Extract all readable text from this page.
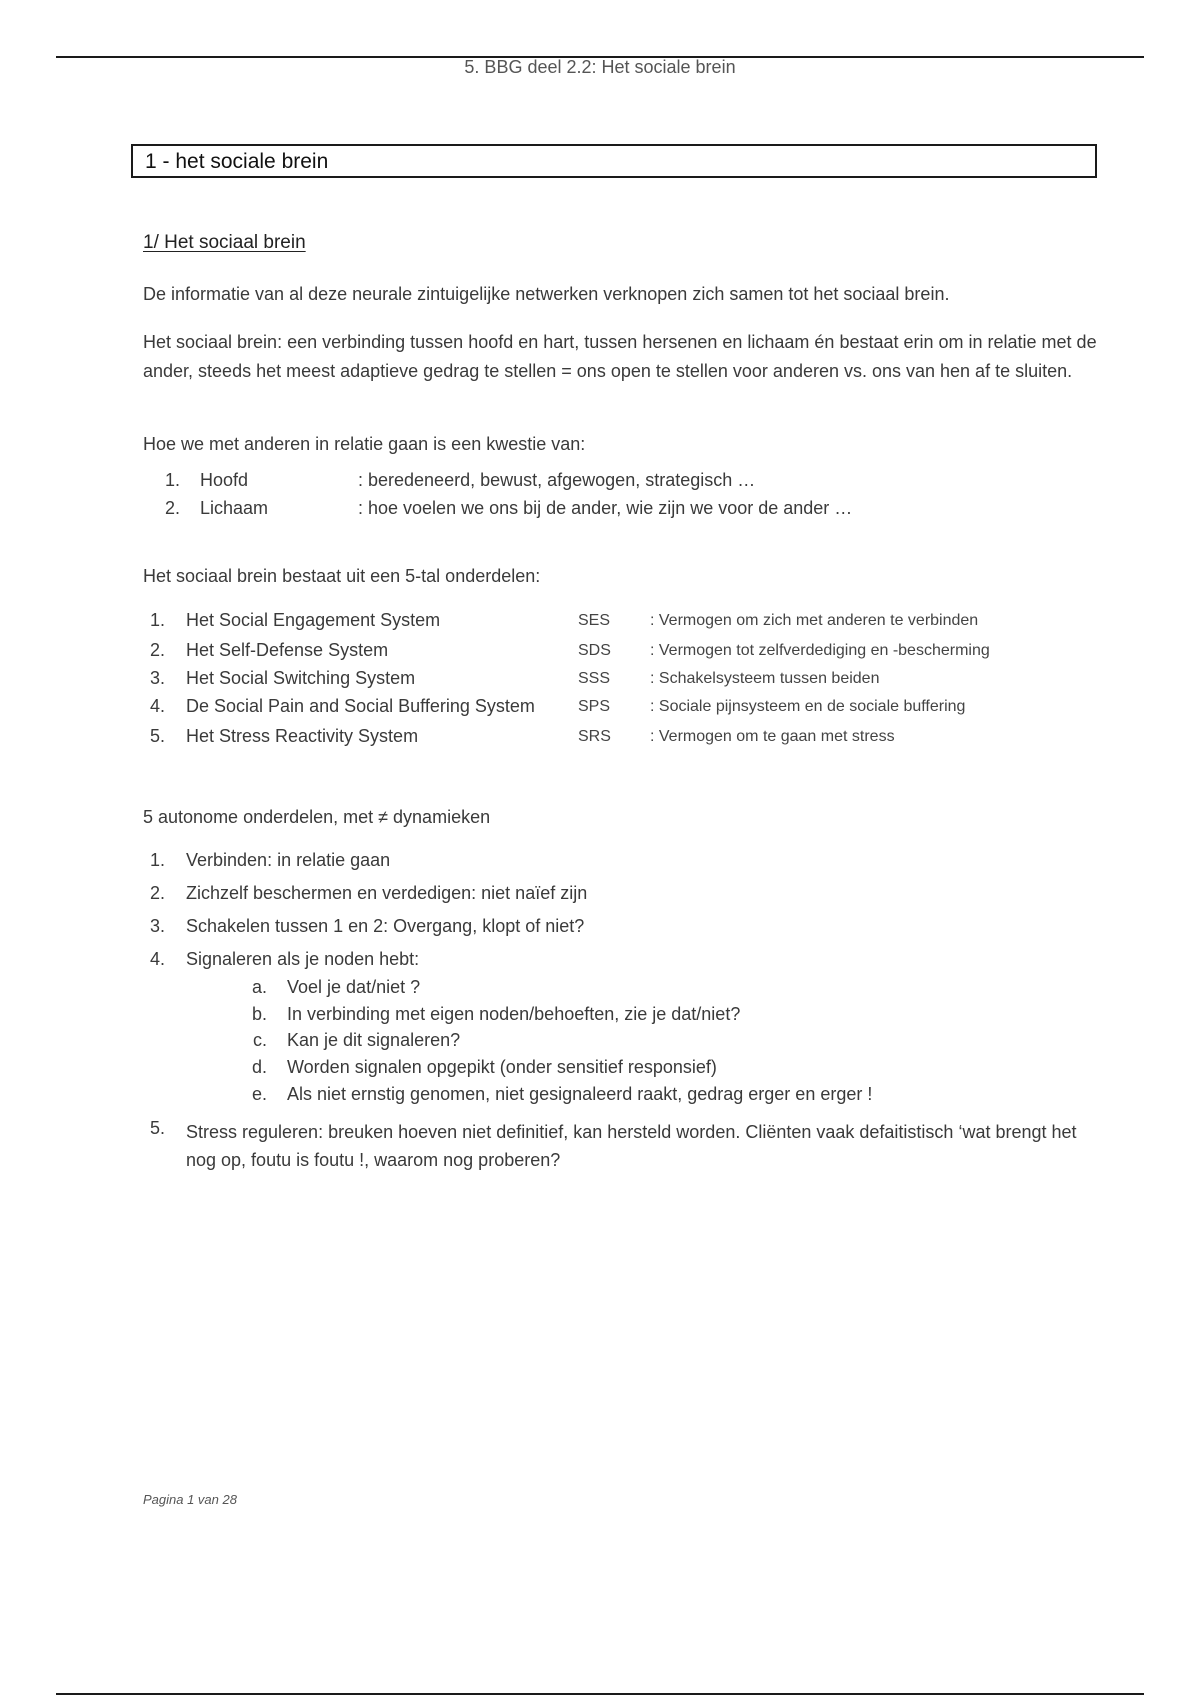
5. BBG deel 2.2: Het sociale brein
1 - het sociale brein
1/ Het sociaal brein
De informatie van al deze neurale zintuigelijke netwerken verknopen zich samen tot het sociaal brein.
Het sociaal brein: een verbinding tussen hoofd en hart, tussen hersenen en lichaam én bestaat erin om in relatie met de ander, steeds het meest adaptieve gedrag te stellen = ons open te stellen voor anderen vs. ons van hen af te sluiten.
Hoe we met anderen in relatie gaan is een kwestie van:
1. Hoofd	: beredeneerd, bewust, afgewogen, strategisch …
2. Lichaam	: hoe voelen we ons bij de ander, wie zijn we voor de ander …
Het sociaal brein bestaat uit een 5-tal onderdelen:
1. Het Social Engagement System	SES : Vermogen om zich met anderen te verbinden
2. Het Self-Defense System	SDS : Vermogen tot zelfverdediging en -bescherming
3. Het Social Switching System	SSS : Schakelsysteem tussen beiden
4. De Social Pain and Social Buffering System	SPS : Sociale pijnsysteem en de sociale buffering
5. Het Stress Reactivity System	SRS : Vermogen om te gaan met stress
5 autonome onderdelen, met ≠ dynamieken
1. Verbinden: in relatie gaan
2. Zichzelf beschermen en verdedigen: niet naïef zijn
3. Schakelen tussen 1 en 2: Overgang, klopt of niet?
4. Signaleren als je noden hebt:
a. Voel je dat/niet ?
b. In verbinding met eigen noden/behoeften, zie je dat/niet?
c. Kan je dit signaleren?
d. Worden signalen opgepikt (onder sensitief responsief)
e. Als niet ernstig genomen, niet gesignaleerd raakt, gedrag erger en erger !
5. Stress reguleren: breuken hoeven niet definitief, kan hersteld worden. Cliënten vaak defaitistisch ‘wat brengt het nog op, foutu is foutu !, waarom nog proberen?
Pagina 1 van 28
